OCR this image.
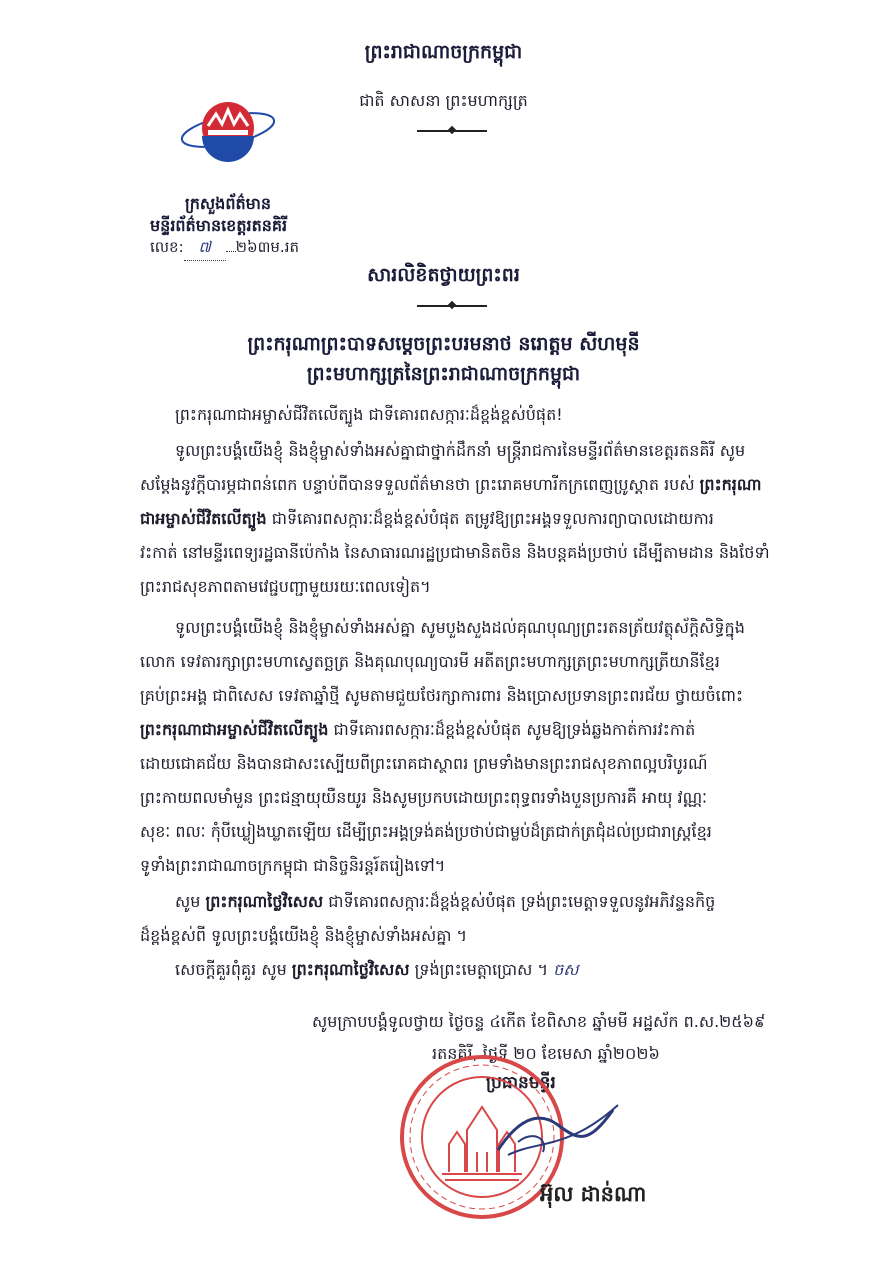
ព្រះរាជាណាចក្រកម្ពុជា
ជាតិ សាសនា ព្រះមហាក្សត្រ
ក្រសួងព័ត៌មាន
មន្ទីរព័ត៌មានខេត្តរតនគិរី
លេខ: ៧ ២៦៣ម.រត
សារលិខិតថ្វាយព្រះពរ
ព្រះករុណាព្រះបាទសម្តេចព្រះបរមនាថ នរោត្តម សីហមុនី
ព្រះមហាក្សត្រនៃព្រះរាជាណាចក្រកម្ពុជា
ព្រះករុណាជាអម្ចាស់ជីវិតលើត្បូង ជាទីគោរពសក្ការៈដ៏ខ្ពង់ខ្ពស់បំផុត!
ទូលព្រះបង្គំយើងខ្ញុំ និងខ្ញុំម្ចាស់ទាំងអស់គ្នាជាថ្នាក់ដឹកនាំ មន្ត្រីរាជការនៃមន្ទីរព័ត៌មានខេត្តរតនគិរី សូម
សម្តែងនូវក្តីបារម្ភជាពន់ពេក បន្ទាប់ពីបានទទួលព័ត៌មានថា ព្រះរោគមហារីកក្រពេញប្រូស្តាត របស់ ព្រះករុណា
ជាអម្ចាស់ជីវិតលើត្បូង ជាទីគោរពសក្ការៈដ៏ខ្ពង់ខ្ពស់បំផុត តម្រូវឱ្យព្រះអង្គទទួលការព្យាបាលដោយការ
វះកាត់ នៅមន្ទីរពេទ្យរដ្ឋធានីប៉េកាំង នៃសាធារណរដ្ឋប្រជាមានិតចិន និងបន្តគង់ប្រថាប់ ដើម្បីតាមដាន និងថែទាំ
ព្រះរាជសុខភាពតាមវេជ្ជបញ្ជាមួយរយៈពេលទៀត។
ទូលព្រះបង្គំយើងខ្ញុំ និងខ្ញុំម្ចាស់ទាំងអស់គ្នា សូមបួងសួងដល់គុណបុណ្យព្រះរតនត្រ័យវត្ថុស័ក្តិសិទ្ធិក្នុង
លោក ទេវតារក្សាព្រះមហាស្វេតច្ឆត្រ និងគុណបុណ្យបារមី អតីតព្រះមហាក្សត្រព្រះមហាក្សត្រីយានីខ្មែរ
គ្រប់ព្រះអង្គ ជាពិសេស ទេវតាឆ្នាំថ្មី សូមតាមជួយថែរក្សាការពារ និងប្រោសប្រទានព្រះពរជ័យ ថ្វាយចំពោះ
ព្រះករុណាជាអម្ចាស់ជីវិតលើត្បូង ជាទីគោរពសក្ការៈដ៏ខ្ពង់ខ្ពស់បំផុត សូមឱ្យទ្រង់ឆ្លងកាត់ការវះកាត់
ដោយជោគជ័យ និងបានជាសះស្បើយពីព្រះរោគជាស្ថាពរ ព្រមទាំងមានព្រះរាជសុខភាពល្អបរិបូរណ៍
ព្រះកាយពលមាំមួន ព្រះជន្មាយុយឺនយូរ និងសូមប្រកបដោយព្រះពុទ្ធពរទាំងបួនប្រការគឺ អាយុ វណ្ណៈ
សុខៈ ពលៈ កុំបីឃ្លៀងឃ្លាតឡើយ ដើម្បីព្រះអង្គទ្រង់គង់ប្រថាប់ជាម្លប់ដ៏ត្រជាក់ត្រជុំដល់ប្រជារាស្ត្រខ្មែរ
ទូទាំងព្រះរាជាណាចក្រកម្ពុជា ជានិច្ចនិរន្តរ៍តរៀងទៅ។
សូម ព្រះករុណាថ្លៃវិសេស ជាទីគោរពសក្ការៈដ៏ខ្ពង់ខ្ពស់បំផុត ទ្រង់ព្រះមេត្តាទទួលនូវអភិវន្ទនកិច្ច
ដ៏ខ្ពង់ខ្ពស់ពី ទូលព្រះបង្គំយើងខ្ញុំ និងខ្ញុំម្ចាស់ទាំងអស់គ្នា ។
សេចក្តីគួរពុំគួរ សូម ព្រះករុណាថ្លៃវិសេស ទ្រង់ព្រះមេត្តាប្រោស ។ ចស
សូមក្រាបបង្គំទូលថ្វាយ ថ្ងៃចន្ទ ៤កើត ខែពិសាខ ឆ្នាំមមី អដ្ឋស័ក ព.ស.២៥៦៩
រតនគិរី, ថ្ងៃទី ២០ ខែមេសា ឆ្នាំ២០២៦
ប្រធានមន្ទីរ
អ៊ុល ដាន់ណា
